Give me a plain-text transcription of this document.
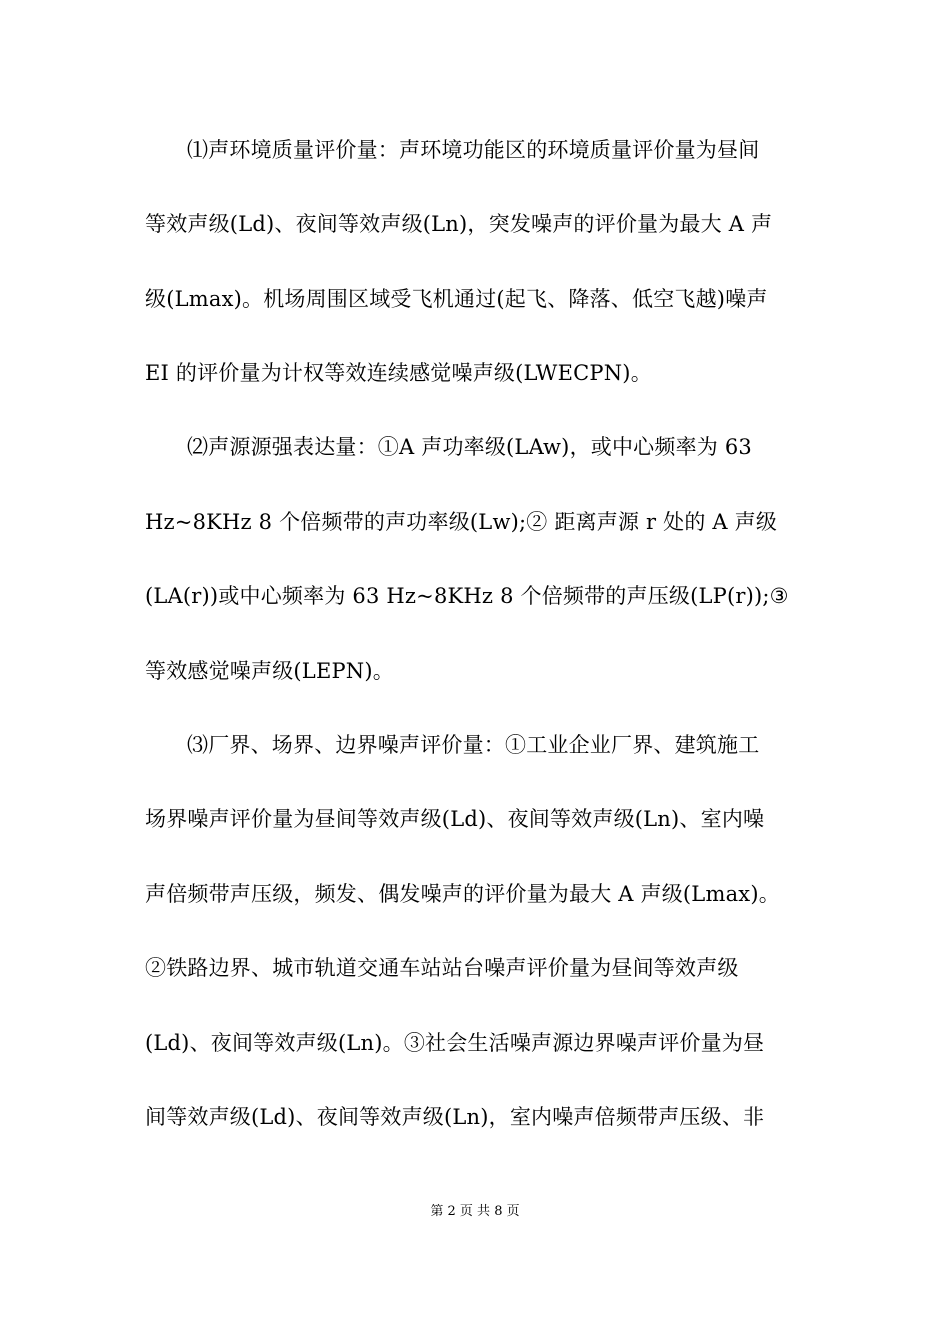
⑴声环境质量评价量：声环境功能区的环境质量评价量为昼间
等效声级(Ld)、夜间等效声级(Ln)，突发噪声的评价量为最大 A 声
级(Lmax)。机场周围区域受飞机通过(起飞、降落、低空飞越)噪声
EI 的评价量为计权等效连续感觉噪声级(LWECPN)。
⑵声源源强表达量：①A 声功率级(LAw)，或中心频率为 63
Hz~8KHz 8 个倍频带的声功率级(Lw);② 距离声源 r 处的 A 声级
(LA(r))或中心频率为 63 Hz~8KHz 8 个倍频带的声压级(LP(r));③
等效感觉噪声级(LEPN)。
⑶厂界、场界、边界噪声评价量：①工业企业厂界、建筑施工
场界噪声评价量为昼间等效声级(Ld)、夜间等效声级(Ln)、室内噪
声倍频带声压级，频发、偶发噪声的评价量为最大 A 声级(Lmax)。
②铁路边界、城市轨道交通车站站台噪声评价量为昼间等效声级
(Ld)、夜间等效声级(Ln)。③社会生活噪声源边界噪声评价量为昼
间等效声级(Ld)、夜间等效声级(Ln)，室内噪声倍频带声压级、非
第 2 页 共 8 页
